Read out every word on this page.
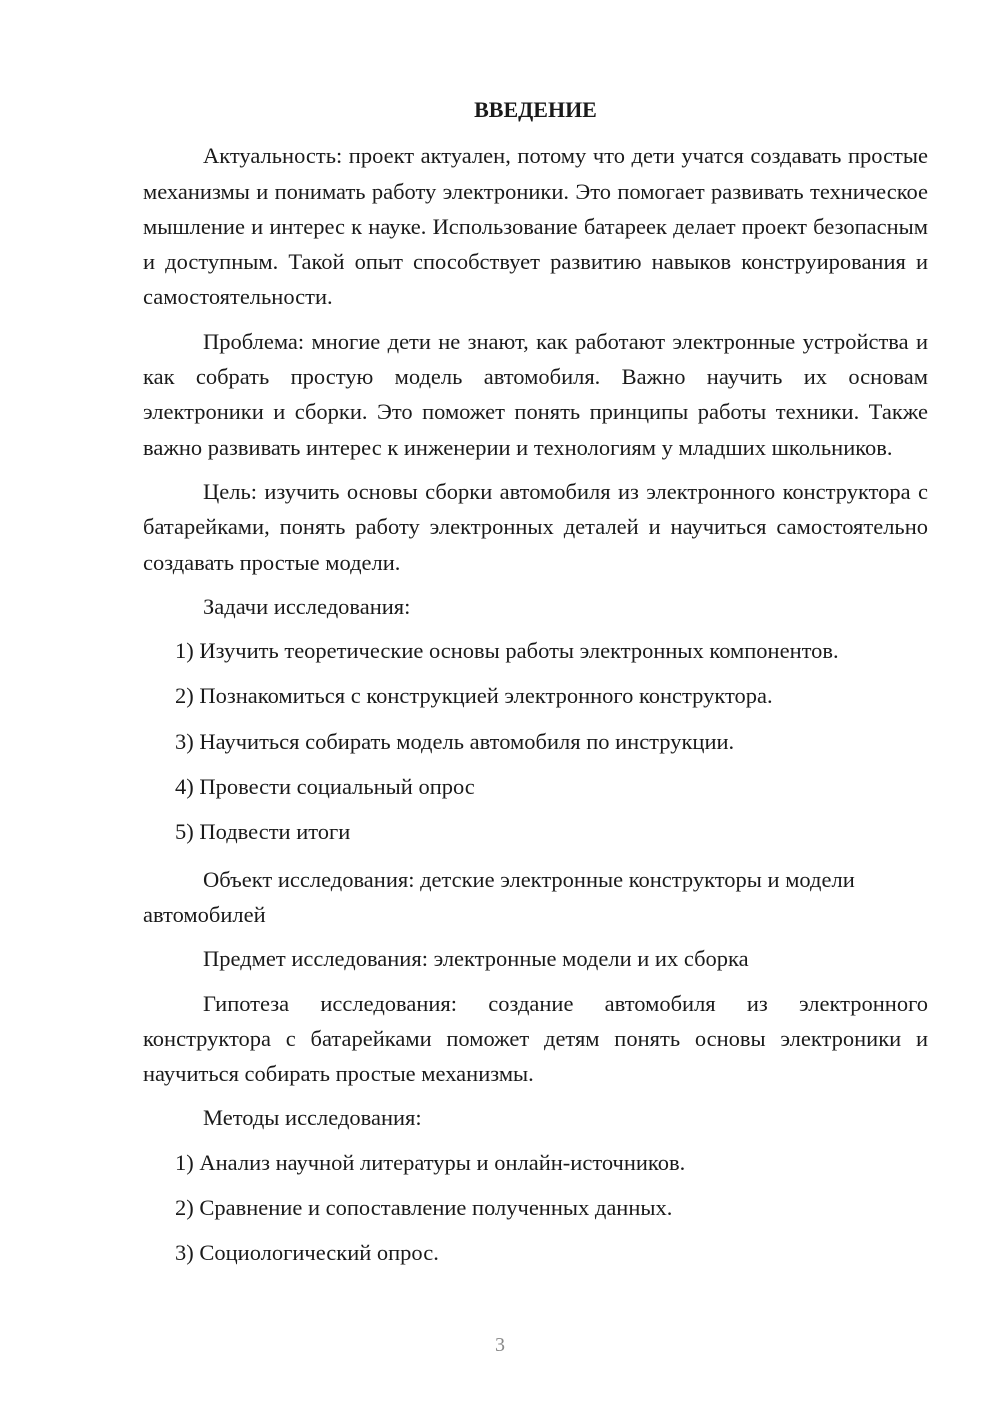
ВВЕДЕНИЕ

Актуальность: проект актуален, потому что дети учатся создавать простые механизмы и понимать работу электроники. Это помогает развивать техническое мышление и интерес к науке. Использование батареек делает проект безопасным и доступным. Такой опыт способствует развитию навыков конструирования и самостоятельности.

Проблема: многие дети не знают, как работают электронные устройства и как собрать простую модель автомобиля. Важно научить их основам электроники и сборки. Это поможет понять принципы работы техники. Также важно развивать интерес к инженерии и технологиям у младших школьников.

Цель: изучить основы сборки автомобиля из электронного конструктора с батарейками, понять работу электронных деталей и научиться самостоятельно создавать простые модели.

Задачи исследования:

1) Изучить теоретические основы работы электронных компонентов.
2) Познакомиться с конструкцией электронного конструктора.
3) Научиться собирать модель автомобиля по инструкции.
4) Провести социальный опрос
5) Подвести итоги

Объект исследования: детские электронные конструкторы и модели автомобилей

Предмет исследования: электронные модели и их сборка

Гипотеза исследования: создание автомобиля из электронного конструктора с батарейками поможет детям понять основы электроники и научиться собирать простые механизмы.

Методы исследования:

1) Анализ научной литературы и онлайн-источников.
2) Сравнение и сопоставление полученных данных.
3) Социологический опрос.
3
